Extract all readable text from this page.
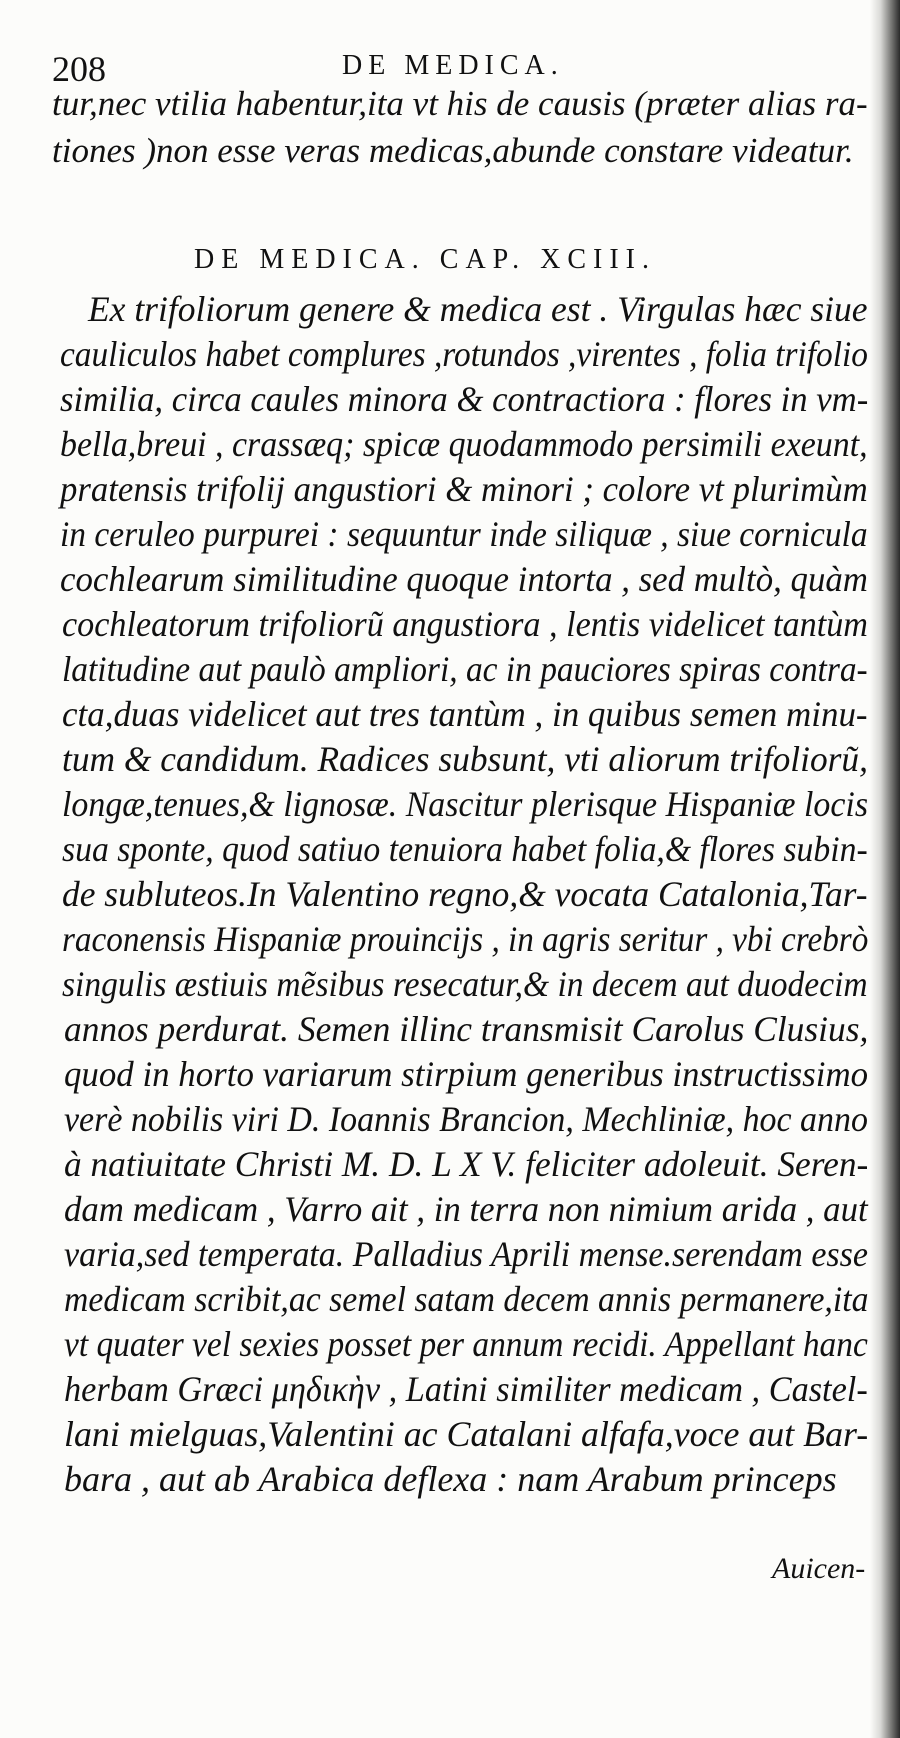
208	DE MEDICA.
tur,nec vtilia habentur,ita vt his de causis (præter alias ra-
tiones )non esse veras medicas,abunde constare videatur.
DE MEDICA. CAP. XCIII.
Ex trifoliorum genere & medica est . Virgulas hæc siue
cauliculos habet complures ,rotundos ,virentes , folia trifolio
similia, circa caules minora & contractiora : flores in vm-
bella,breui , crassæq; spicæ quodammodo persimili exeunt,
pratensis trifolij angustiori & minori ; colore vt plurimùm
in ceruleo purpurei : sequuntur inde siliquæ , siue cornicula
cochlearum similitudine quoque intorta , sed multò, quàm
cochleatorum trifoliorũ angustiora , lentis videlicet tantùm
latitudine aut paulò ampliori, ac in pauciores spiras contra-
cta,duas videlicet aut tres tantùm , in quibus semen minu-
tum & candidum. Radices subsunt, vti aliorum trifoliorũ,
longæ,tenues,& lignosæ. Nascitur plerisque Hispaniæ locis
sua sponte, quod satiuo tenuiora habet folia,& flores subin-
de subluteos.In Valentino regno,& vocata Catalonia,Tar-
raconensis Hispaniæ prouincijs , in agris seritur , vbi crebrò
singulis æstiuis mẽsibus resecatur,& in decem aut duodecim
annos perdurat. Semen illinc transmisit Carolus Clusius,
quod in horto variarum stirpium generibus instructissimo
verè nobilis viri D. Ioannis Brancion, Mechliniæ, hoc anno
à natiuitate Christi M. D. L X V. feliciter adoleuit. Seren-
dam medicam , Varro ait , in terra non nimium arida , aut
varia,sed temperata. Palladius Aprili mense.serendam esse
medicam scribit,ac semel satam decem annis permanere,ita
vt quater vel sexies posset per annum recidi. Appellant hanc
herbam Græci μηδικὴν , Latini similiter medicam , Castel-
lani mielguas,Valentini ac Catalani alfafa,voce aut Bar-
bara , aut ab Arabica deflexa : nam Arabum princeps
Auicen-
